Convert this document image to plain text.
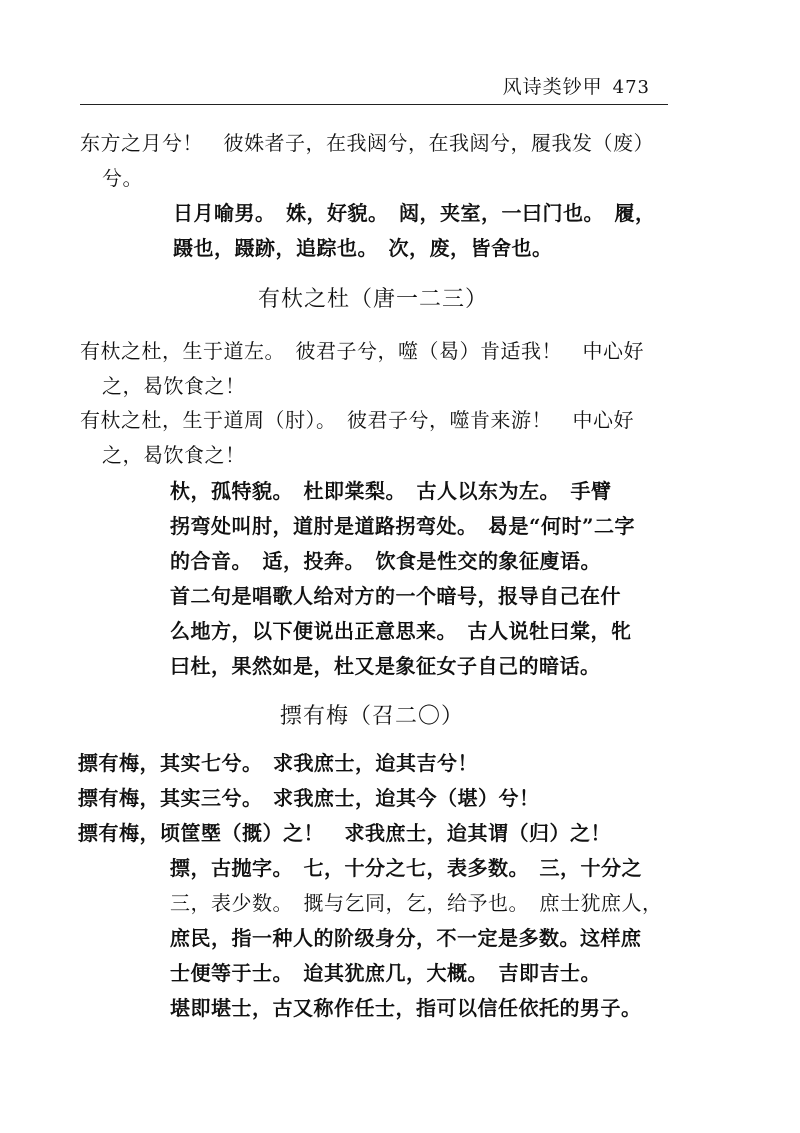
风诗类钞甲 473
东方之月兮！　彼姝者子，在我闼兮，在我闼兮，履我发（废）
兮。
日月喻男。　姝，好貌。　闼，夹室，一曰门也。　履，
蹑也，蹑跡，追踪也。　次，废，皆舍也。
有杕之杜（唐一二三）
有杕之杜，生于道左。　彼君子兮，噬（曷）肯适我！　中心好
之，曷饮食之！
有杕之杜，生于道周（肘）。　彼君子兮，噬肯来游！　中心好
之，曷饮食之！
杕，孤特貌。　杜即棠梨。　古人以东为左。　手臂
拐弯处叫肘，道肘是道路拐弯处。　曷是“何时”二字
的合音。　适，投奔。　饮食是性交的象征廋语。
首二句是唱歌人给对方的一个暗号，报导自己在什
么地方，以下便说出正意思来。　古人说牡曰棠，牝
曰杜，果然如是，杜又是象征女子自己的暗话。
摽有梅（召二〇）
摽有梅，其实七兮。　求我庶士，迨其吉兮！
摽有梅，其实三兮。　求我庶士，迨其今（堪）兮！
摽有梅，顷筐塈（摡）之！　求我庶士，迨其谓（归）之！
摽，古抛字。　七，十分之七，表多数。　三，十分之
三，表少数。　摡与乞同，乞，给予也。　庶士犹庶人，
庶民，指一种人的阶级身分，不一定是多数。这样庶
士便等于士。　迨其犹庶几，大概。　吉即吉士。
堪即堪士，古又称作任士，指可以信任依托的男子。
